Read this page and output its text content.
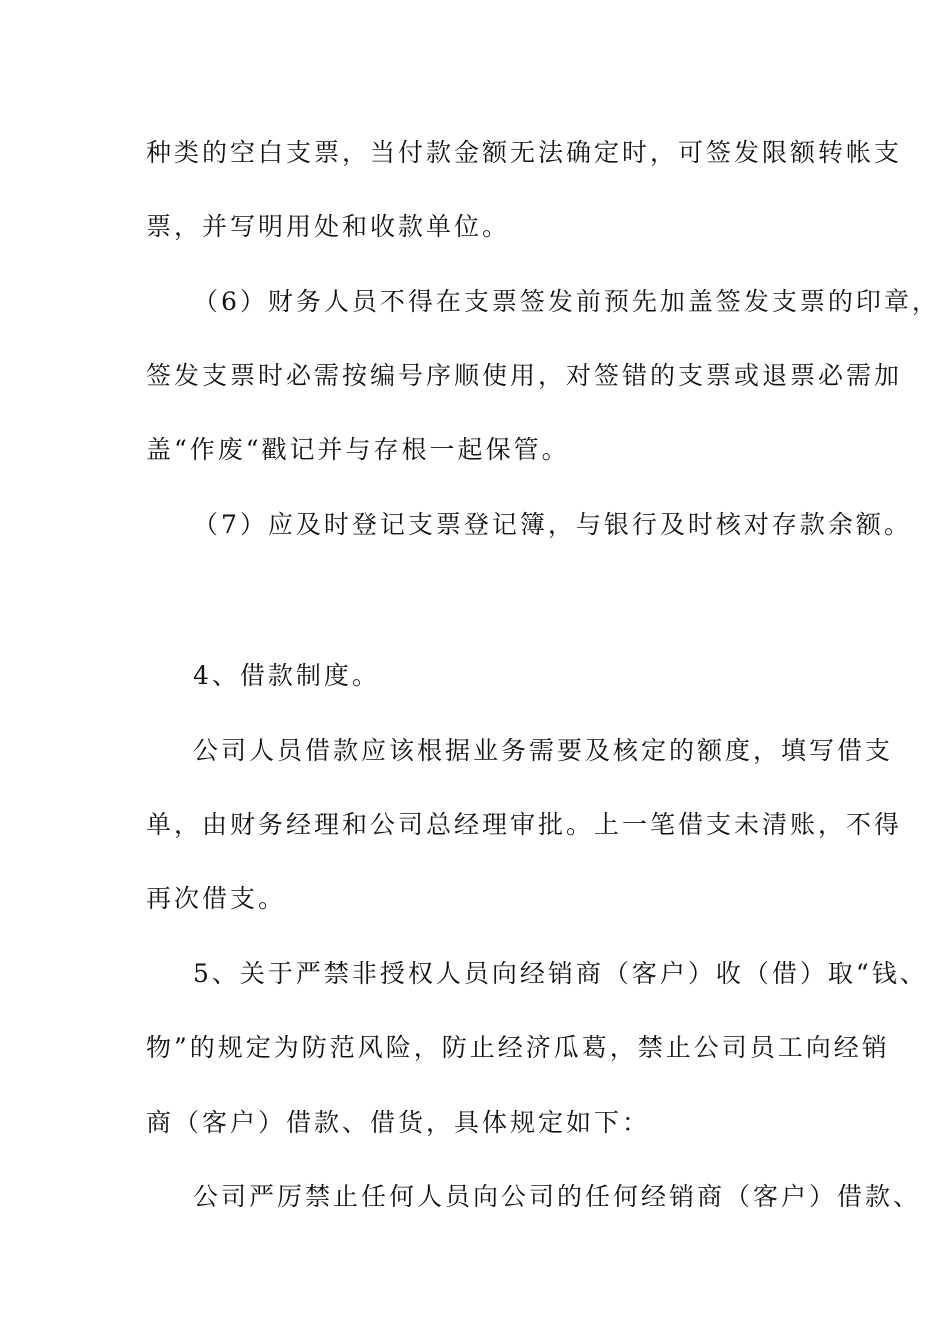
种类的空白支票，当付款金额无法确定时，可签发限额转帐支

票，并写明用处和收款单位。

（6）财务人员不得在支票签发前预先加盖签发支票的印章，

签发支票时必需按编号序顺使用，对签错的支票或退票必需加

盖“作废“戳记并与存根一起保管。

（7）应及时登记支票登记簿，与银行及时核对存款余额。

4、借款制度。

公司人员借款应该根据业务需要及核定的额度，填写借支

单，由财务经理和公司总经理审批。上一笔借支未清账，不得

再次借支。

5、关于严禁非授权人员向经销商（客户）收（借）取“钱、

物”的规定为防范风险，防止经济瓜葛，禁止公司员工向经销

商（客户）借款、借货，具体规定如下：

公司严厉禁止任何人员向公司的任何经销商（客户）借款、
